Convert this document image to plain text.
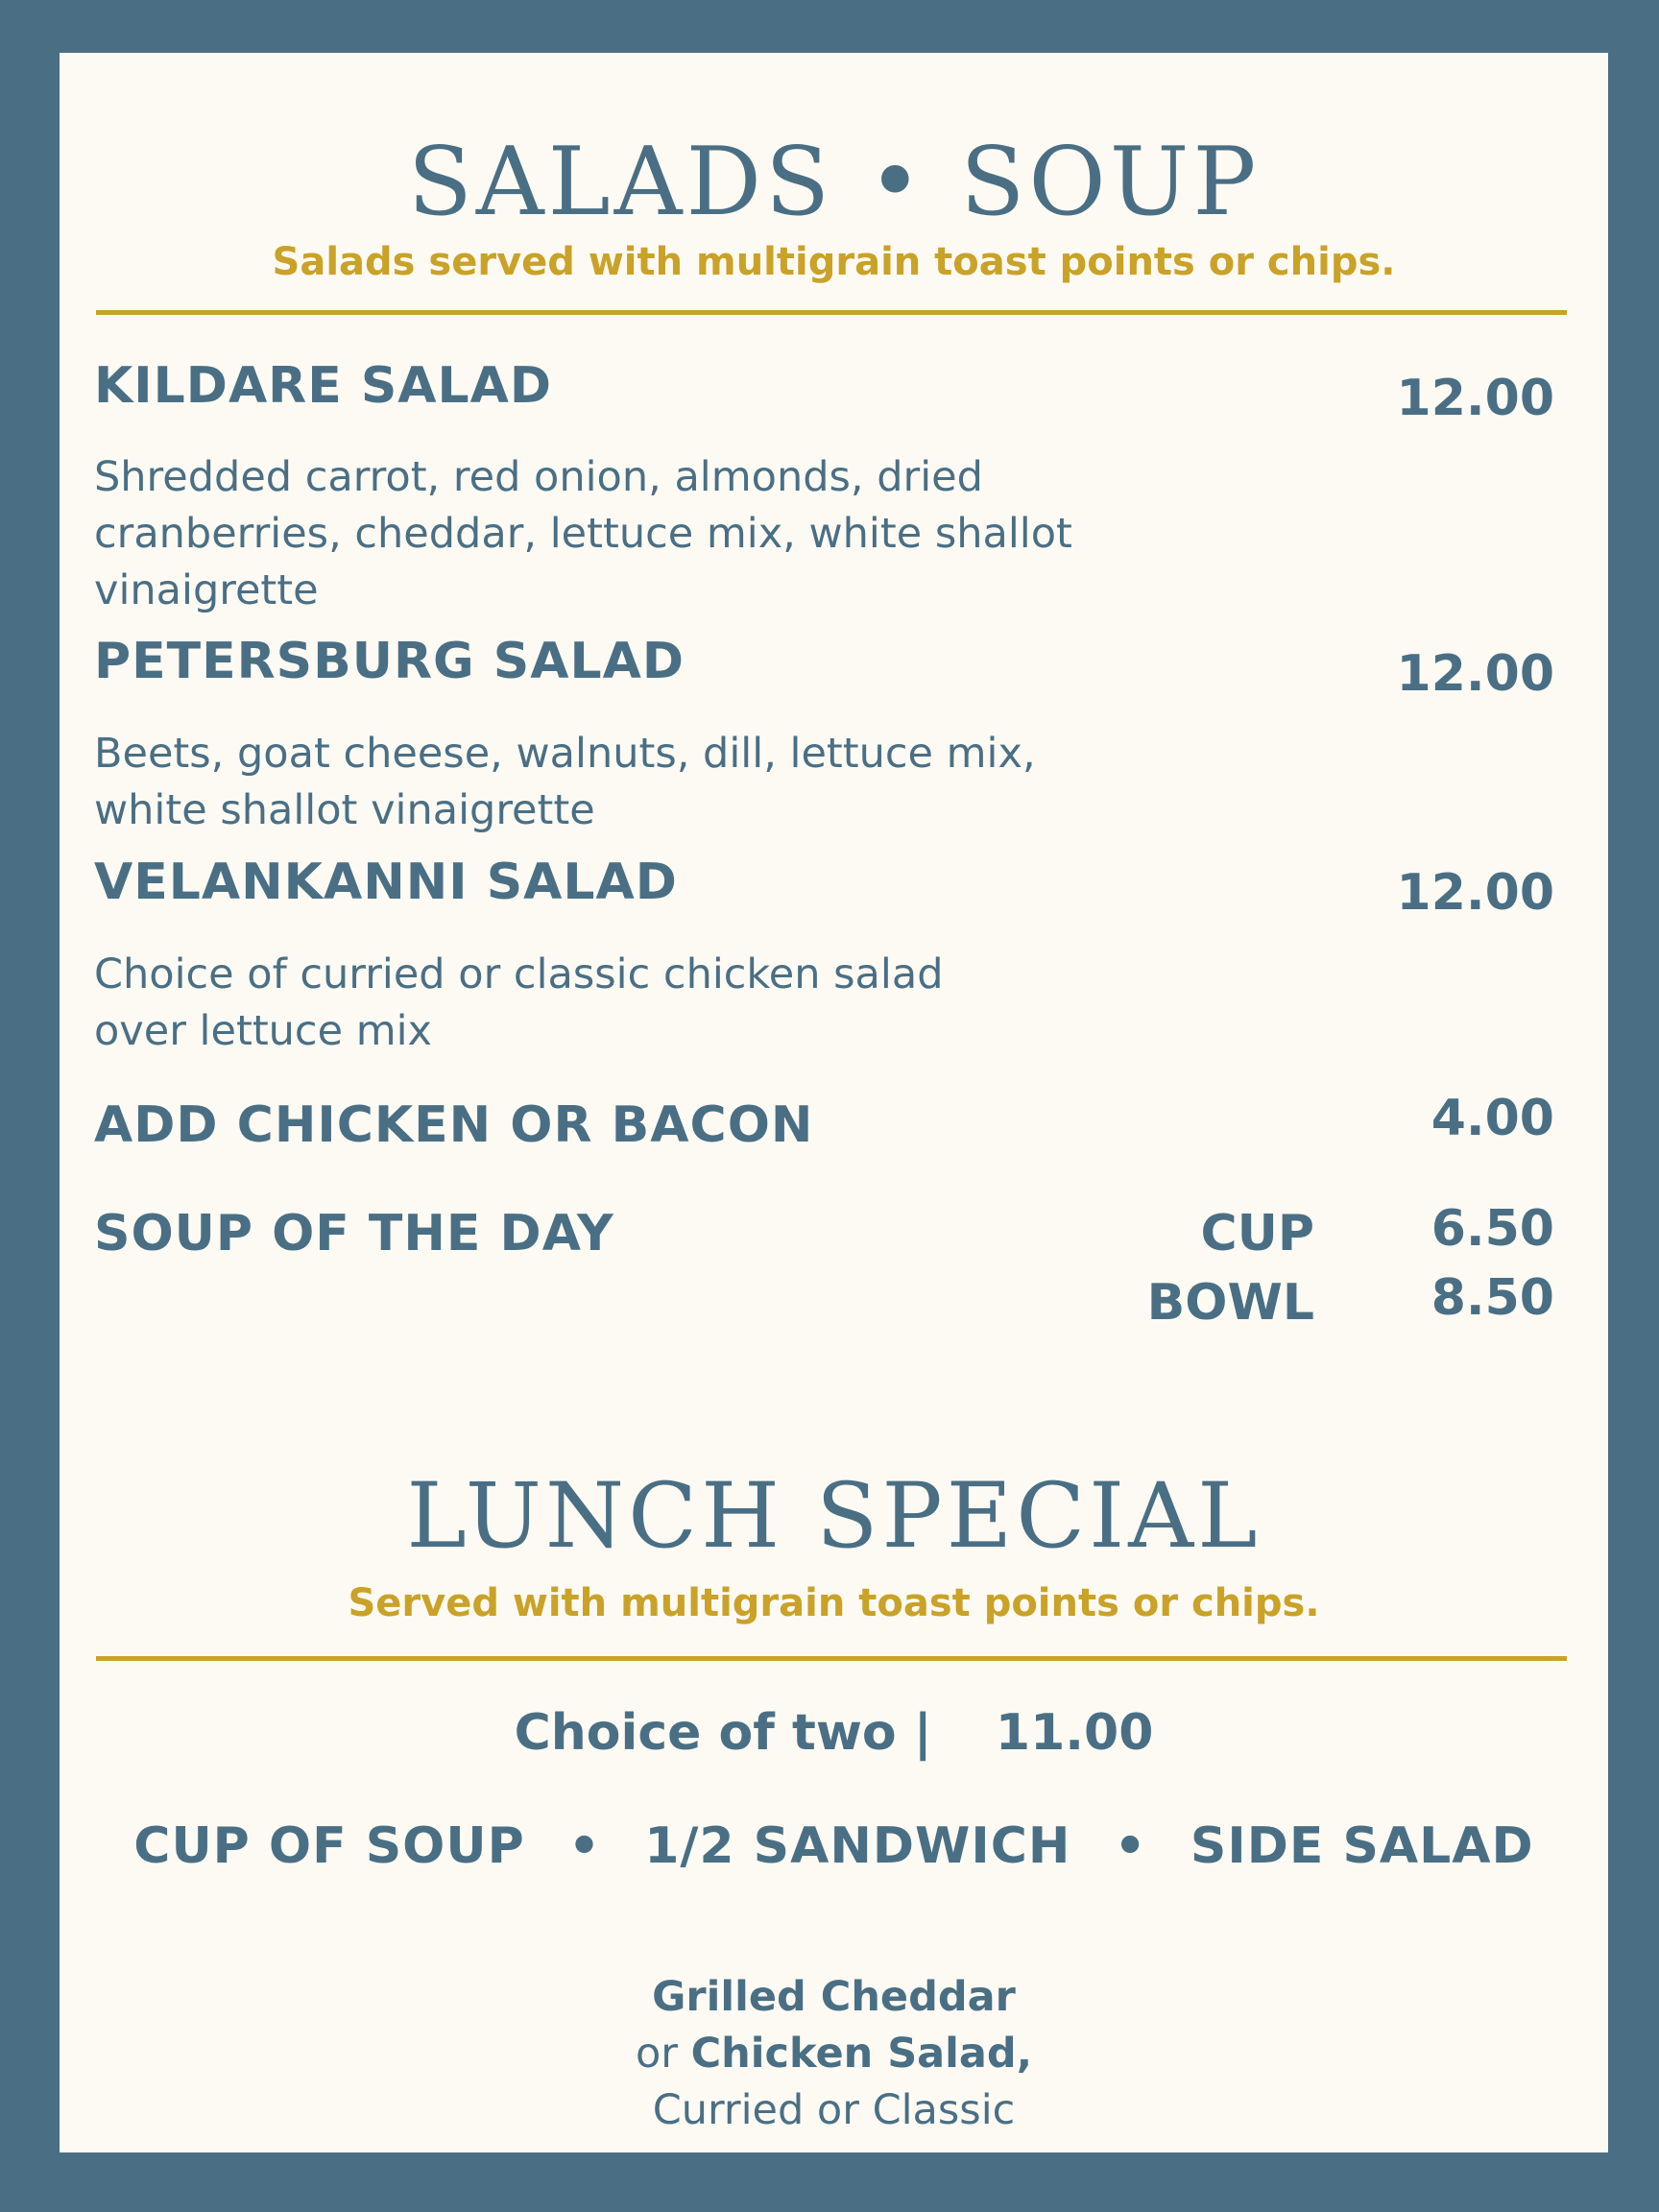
SALADS • SOUP

Salads served with multigrain toast points or chips.

KILDARE SALAD	12.00
Shredded carrot, red onion, almonds, dried cranberries, cheddar, lettuce mix, white shallot vinaigrette
PETERSBURG SALAD	12.00
Beets, goat cheese, walnuts, dill, lettuce mix, white shallot vinaigrette
VELANKANNI SALAD	12.00
Choice of curried or classic chicken salad over lettuce mix
ADD CHICKEN OR BACON	4.00
SOUP OF THE DAY	CUP 6.50
BOWL 8.50
LUNCH SPECIAL

Served with multigrain toast points or chips.

Choice of two | 11.00
CUP OF SOUP • 1/2 SANDWICH • SIDE SALAD
Grilled Cheddar
or Chicken Salad,
Curried or Classic
